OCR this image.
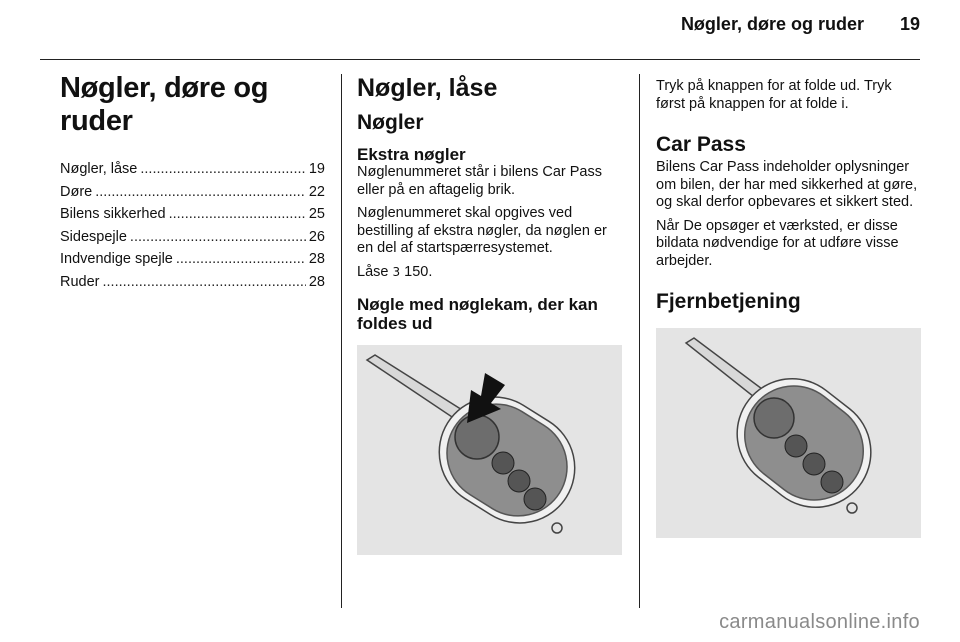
Nøgler, døre og ruder 19
Nøgler, døre og ruder
Nøgler, låse .....	19
Døre .....	22
Bilens sikkerhed .....	25
Sidespejle .....	26
Indvendige spejle .....	28
Ruder .....	28
Nøgler, låse
Nøgler
Ekstra nøgler

Nøglenummeret står i bilens Car Pass eller på en aftagelig brik.

Nøglenummeret skal opgives ved bestilling af ekstra nøgler, da nøglen er en del af startspærresystemet.

Låse 3 150.

Nøgle med nøglekam, der kan foldes ud

Tryk på knappen for at folde ud. Tryk først på knappen for at folde i.

Car Pass

Bilens Car Pass indeholder oplysninger om bilen, der har med sikkerhed at gøre, og skal derfor opbevares et sikkert sted.

Når De opsøger et værksted, er disse bildata nødvendige for at udføre visse arbejder.

Fjernbetjening
carmanualsonline.info
